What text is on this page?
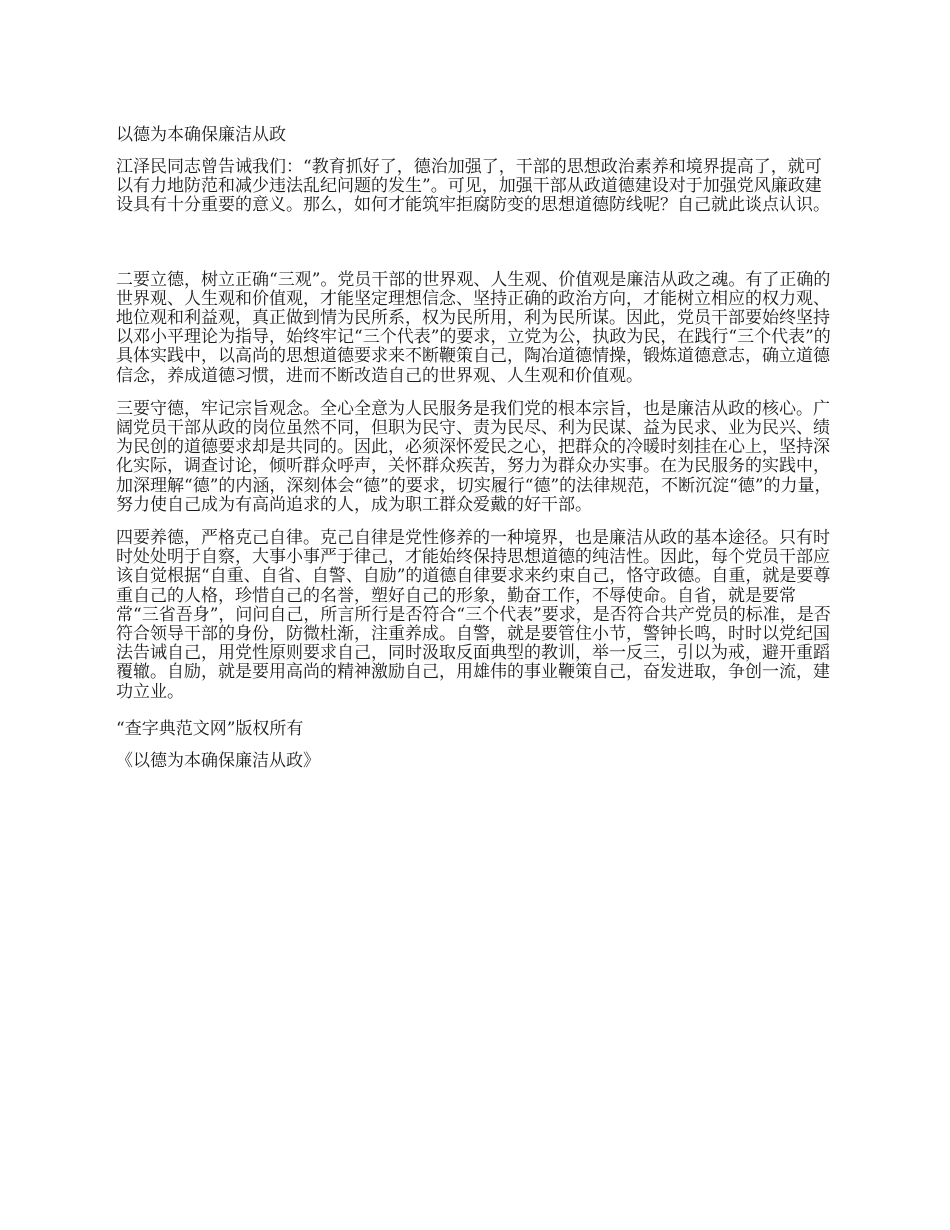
以德为本确保廉洁从政
江泽民同志曾告诫我们：“教育抓好了，德治加强了，干部的思想政治素养和境界提高了，就可以有力地防范和减少违法乱纪问题的发生”。可见，加强干部从政道德建设对于加强党风廉政建设具有十分重要的意义。那么，如何才能筑牢拒腐防变的思想道德防线呢？自己就此谈点认识。
二要立德，树立正确“三观”。党员干部的世界观、人生观、价值观是廉洁从政之魂。有了正确的世界观、人生观和价值观，才能坚定理想信念、坚持正确的政治方向，才能树立相应的权力观、地位观和利益观，真正做到情为民所系，权为民所用，利为民所谋。因此，党员干部要始终坚持以邓小平理论为指导，始终牢记“三个代表”的要求，立党为公，执政为民，在践行“三个代表”的具体实践中，以高尚的思想道德要求来不断鞭策自己，陶冶道德情操，锻炼道德意志，确立道德信念，养成道德习惯，进而不断改造自己的世界观、人生观和价值观。
三要守德，牢记宗旨观念。全心全意为人民服务是我们党的根本宗旨，也是廉洁从政的核心。广阔党员干部从政的岗位虽然不同，但职为民守、责为民尽、利为民谋、益为民求、业为民兴、绩为民创的道德要求却是共同的。因此，必须深怀爱民之心，把群众的冷暖时刻挂在心上，坚持深化实际，调查讨论，倾听群众呼声，关怀群众疾苦，努力为群众办实事。在为民服务的实践中，加深理解“德”的内涵，深刻体会“德”的要求，切实履行“德”的法律规范，不断沉淀“德”的力量，努力使自己成为有高尚追求的人，成为职工群众爱戴的好干部。
四要养德，严格克己自律。克己自律是党性修养的一种境界，也是廉洁从政的基本途径。只有时时处处明于自察，大事小事严于律己，才能始终保持思想道德的纯洁性。因此，每个党员干部应该自觉根据“自重、自省、自警、自励”的道德自律要求来约束自己，恪守政德。自重，就是要尊重自己的人格，珍惜自己的名誉，塑好自己的形象，勤奋工作，不辱使命。自省，就是要常常“三省吾身”，问问自己，所言所行是否符合“三个代表”要求，是否符合共产党员的标准，是否符合领导干部的身份，防微杜渐，注重养成。自警，就是要管住小节，警钟长鸣，时时以党纪国法告诫自己，用党性原则要求自己，同时汲取反面典型的教训，举一反三，引以为戒，避开重蹈覆辙。自励，就是要用高尚的精神激励自己，用雄伟的事业鞭策自己，奋发进取，争创一流，建功立业。
“查字典范文网”版权所有
《以德为本确保廉洁从政》
